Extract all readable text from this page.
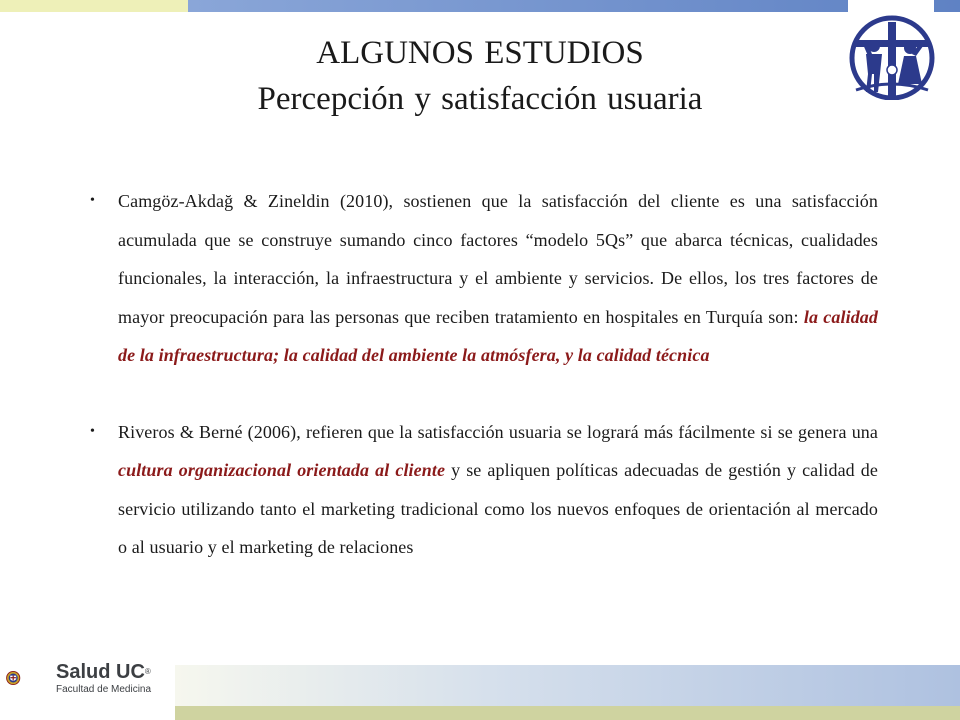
ALGUNOS ESTUDIOS
Percepción y satisfacción usuaria
• Camgöz-Akdağ & Zineldin (2010), sostienen que la satisfacción del cliente es una satisfacción acumulada que se construye sumando cinco factores “modelo 5Qs” que abarca técnicas, cualidades funcionales, la interacción, la infraestructura y el ambiente y servicios. De ellos, los tres factores de mayor preocupación para las personas que reciben tratamiento en hospitales en Turquía son: la calidad de la infraestructura; la calidad del ambiente la atmósfera, y la calidad técnica
• Riveros & Berné (2006), refieren que la satisfacción usuaria se logrará más fácilmente si se genera una cultura organizacional orientada al cliente y se apliquen políticas adecuadas de gestión y calidad de servicio utilizando tanto el marketing tradicional como los nuevos enfoques de orientación al mercado o al usuario y el marketing de relaciones
Salud UC®
Facultad de Medicina
